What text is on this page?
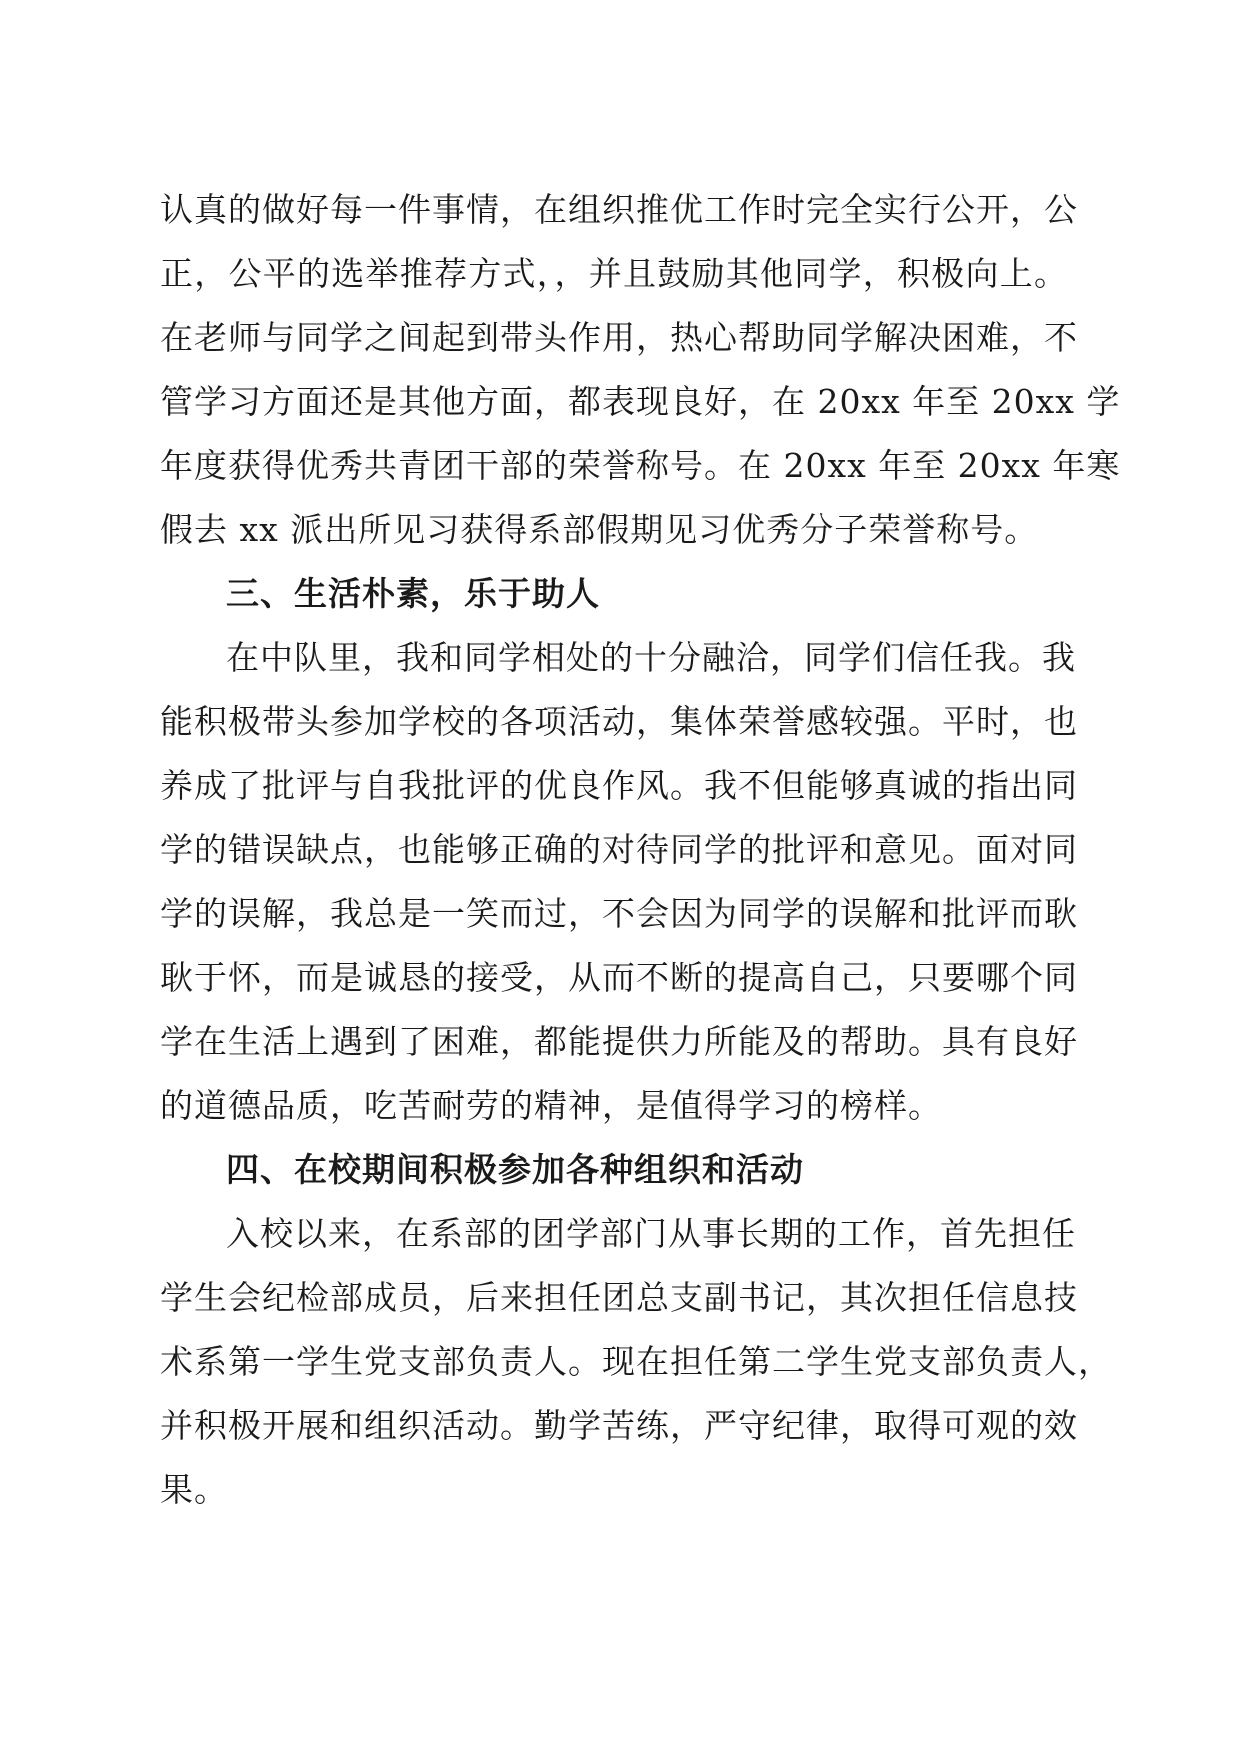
认真的做好每一件事情，在组织推优工作时完全实行公开，公
正，公平的选举推荐方式，，并且鼓励其他同学，积极向上。
在老师与同学之间起到带头作用，热心帮助同学解决困难，不
管学习方面还是其他方面，都表现良好，在 20xx 年至 20xx 学
年度获得优秀共青团干部的荣誉称号。在 20xx 年至 20xx 年寒
假去 xx 派出所见习获得系部假期见习优秀分子荣誉称号。
三、生活朴素，乐于助人
在中队里，我和同学相处的十分融洽，同学们信任我。我
能积极带头参加学校的各项活动，集体荣誉感较强。平时，也
养成了批评与自我批评的优良作风。我不但能够真诚的指出同
学的错误缺点，也能够正确的对待同学的批评和意见。面对同
学的误解，我总是一笑而过，不会因为同学的误解和批评而耿
耿于怀，而是诚恳的接受，从而不断的提高自己，只要哪个同
学在生活上遇到了困难，都能提供力所能及的帮助。具有良好
的道德品质，吃苦耐劳的精神，是值得学习的榜样。
四、在校期间积极参加各种组织和活动
入校以来，在系部的团学部门从事长期的工作，首先担任
学生会纪检部成员，后来担任团总支副书记，其次担任信息技
术系第一学生党支部负责人。现在担任第二学生党支部负责人，
并积极开展和组织活动。勤学苦练，严守纪律，取得可观的效
果。
